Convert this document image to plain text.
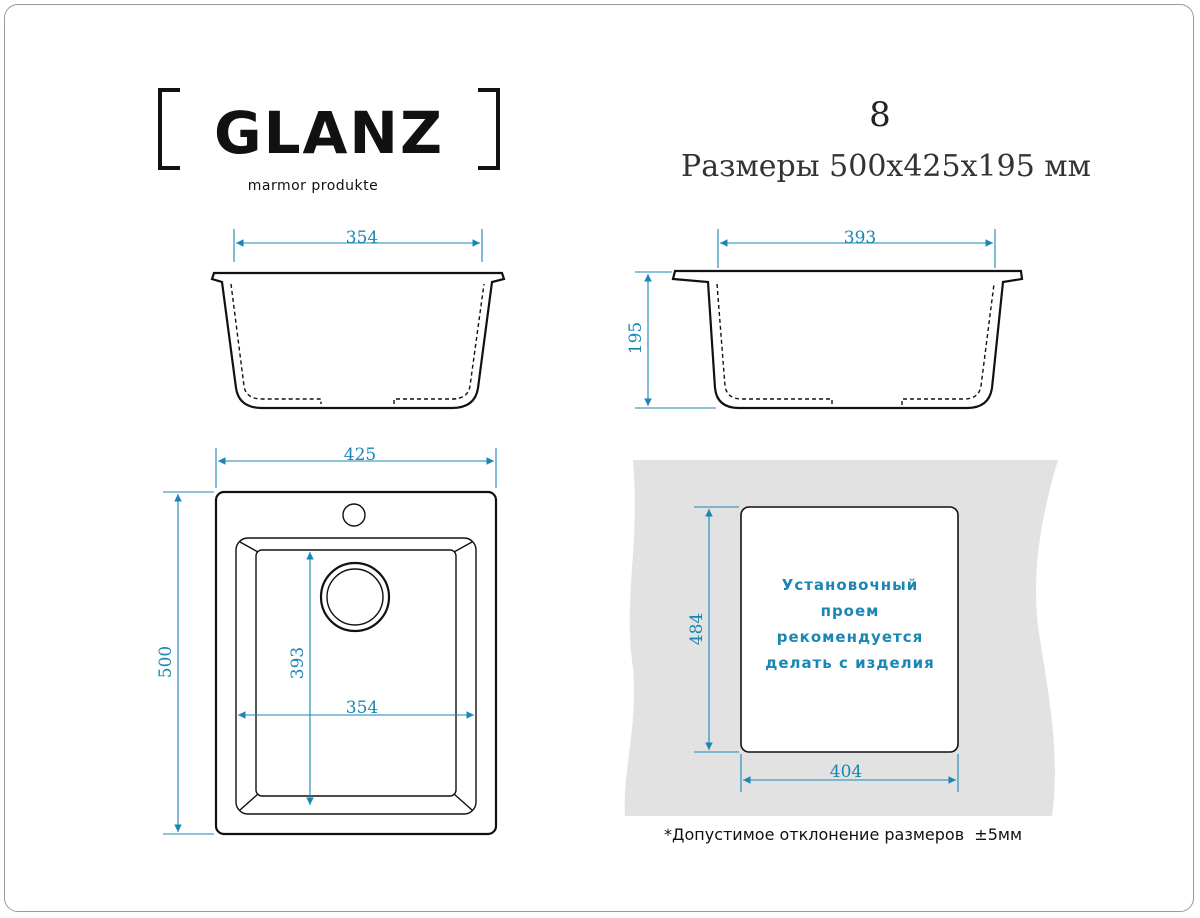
GLANZ
marmor produkte
8
Размеры 500х425х195 мм
354	393
195
425
500	393
354
484
404
Установочный
проем
рекомендуется
делать с изделия
*Допустимое отклонение размеров  ±5мм
